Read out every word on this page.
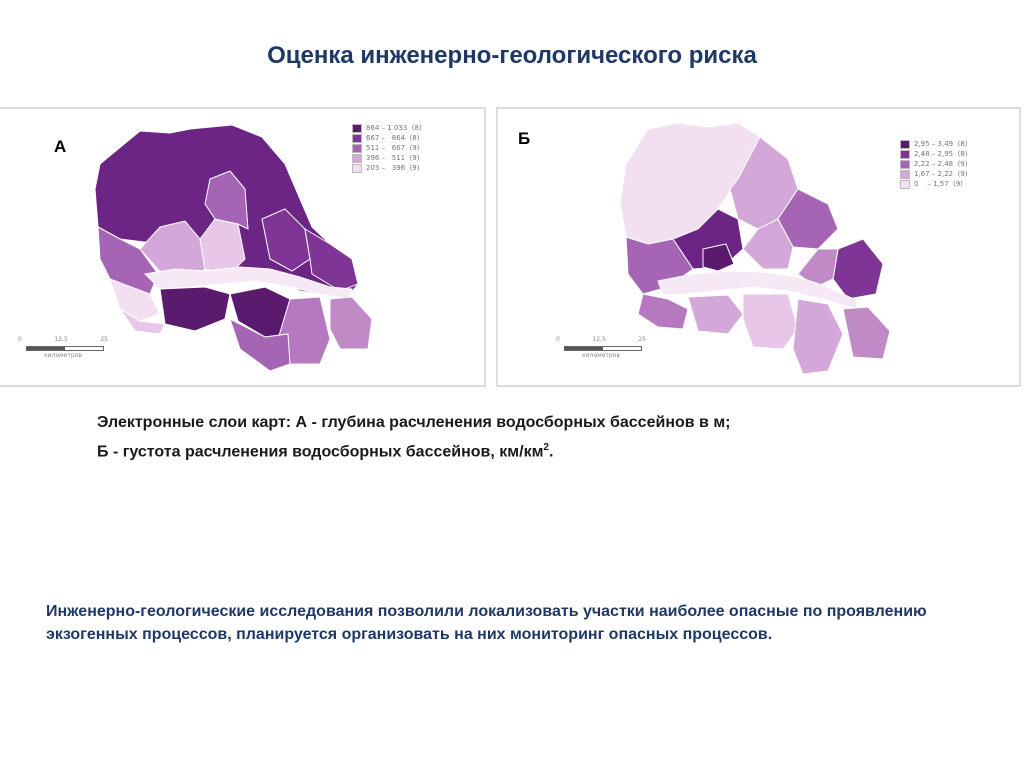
Оценка инженерно-геологического риска
А
864 – 1 033  (8)
667 –   864  (8)
511 –   667  (9)
396 –   511  (9)
203 –   396  (9)
0	12,5	25
километров
Б	2,95 – 3,49  (8)
2,48 – 2,95  (8)
2,22 – 2,48  (9)
1,67 – 2,22  (9)
0    – 1,57  (9)
0	12,5	25
километров
Электронные слои карт: А - глубина расчленения водосборных бассейнов в м;
Б - густота расчленения водосборных бассейнов, $км/км^2$.
Инженерно-геологические исследования позволили локализовать участки наиболее опасные по проявлению экзогенных процессов, планируется организовать на них мониторинг опасных процессов.
